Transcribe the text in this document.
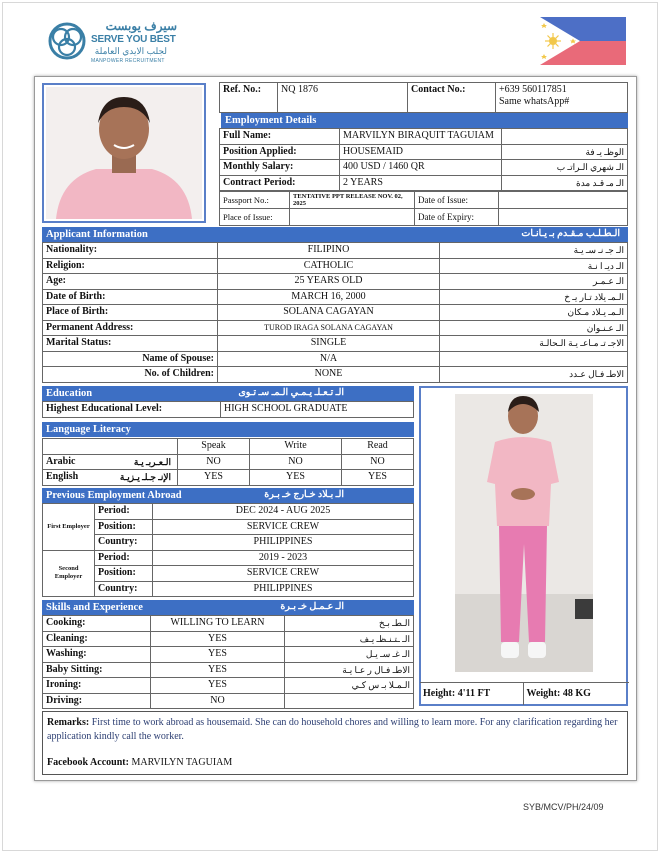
سيرف يوبست
SERVE YOU BEST
لجلب الايدي العاملة
MANPOWER RECRUITMENT
Ref. No.:	NQ 1876	Contact No.:	+639 560117851
Same whatsApp#
Employment Details
Full Name:	MARVILYN BIRAQUIT TAGUIAM	
Position Applied:	HOUSEMAID	الوظـ يـ فة
Monthly Salary:	400 USD / 1460 QR	الـ شهري الـراتـ ب
Contract Period:	2 YEARS	الـ مـ قـد مدة
Passport No.:	TENTATIVE PPT RELEASE NOV. 02, 2025	Date of Issue:	
Place of Issue:		Date of Expiry:	
Applicant Information	الـطـلـب مـقـدم بـ يـانـات
Nationality:	FILIPINO	الـ جـ نـ سـ يـة
Religion:	CATHOLIC	الـ ديـ ا نـة
Age:	25 YEARS OLD	الـ عـمـر
Date of Birth:	MARCH 16, 2000	الـمـ يلاد تـار يـ خ
Place of Birth:	SOLANA CAGAYAN	الـمـ يـلاد مـكان
Permanent Address:	TUROD IRAGA SOLANA CAGAYAN	الـ عـنـوان
Marital Status:	SINGLE	الاجـ تـ مـاعـ يـة الـحالـة
Name of Spouse:	N/A	
No. of Children:	NONE	الاطـ فـال عـدد
Education	الـ تـعـلـ يـمـي الـمـ سـ تـوى
Highest Educational Level:	HIGH SCHOOL GRADUATE
Language Literacy
	Speak	Write	Read
Arabic الـعـربـ يـة	NO	NO	NO
English الإنـ جـلـ يـزيـة	YES	YES	YES
Previous Employment Abroad	الـ بـلاد خـارج خـ بـرة
First Employer	Period:	DEC 2024 - AUG 2025
	Position:	SERVICE CREW
	Country:	PHILIPPINES
Second Employer	Period:	2019 - 2023
	Position:	SERVICE CREW
	Country:	PHILIPPINES
Skills and Experience	الـ عـمـل خـ بـرة
Cooking:	WILLING TO LEARN	الـطـ بـخ
Cleaning:	YES	الـ ـتـنـظـ يـف
Washing:	YES	الـ غـ سـ يـل
Baby Sitting:	YES	الاطـ فـال ر عـا يـة
Ironing:	YES	الـمـلا بـ س كـي
Driving:	NO	
Height: 4'11 FT	Weight: 48 KG
Remarks: First time to work abroad as housemaid. She can do household chores and willing to learn more. For any clarification regarding her application kindly call the worker.
Facebook Account: MARVILYN TAGUIAM
SYB/MCV/PH/24/09
